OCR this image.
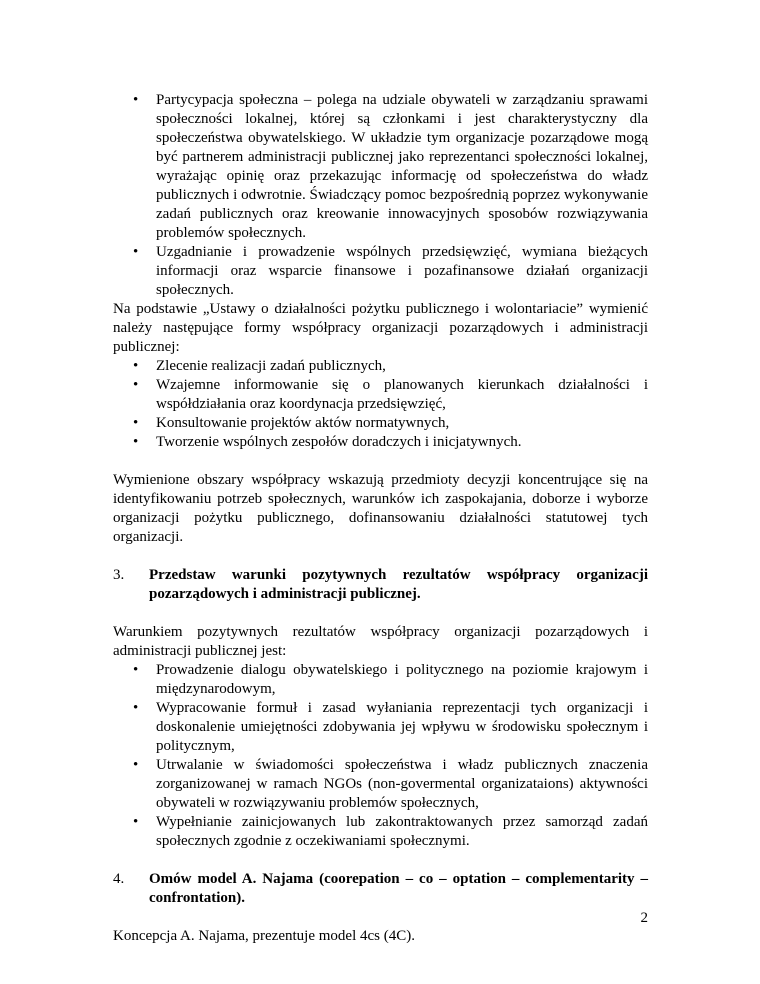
• Partycypacja społeczna – polega na udziale obywateli w zarządzaniu sprawami społeczności lokalnej, której są członkami i jest charakterystyczny dla społeczeństwa obywatelskiego. W układzie tym organizacje pozarządowe mogą być partnerem administracji publicznej jako reprezentanci społeczności lokalnej, wyrażając opinię oraz przekazując informację od społeczeństwa do władz publicznych i odwrotnie. Świadczący pomoc bezpośrednią poprzez wykonywanie zadań publicznych oraz kreowanie innowacyjnych sposobów rozwiązywania problemów społecznych.
• Uzgadnianie i prowadzenie wspólnych przedsięwzięć, wymiana bieżących informacji oraz wsparcie finansowe i pozafinansowe działań organizacji społecznych.

Na podstawie „Ustawy o działalności pożytku publicznego i wolontariacie” wymienić należy następujące formy współpracy organizacji pozarządowych i administracji publicznej:

• Zlecenie realizacji zadań publicznych,
• Wzajemne informowanie się o planowanych kierunkach działalności i współdziałania oraz koordynacja przedsięwzięć,
• Konsultowanie projektów aktów normatywnych,
• Tworzenie wspólnych zespołów doradczych i inicjatywnych.

Wymienione obszary współpracy wskazują przedmioty decyzji koncentrujące się na identyfikowaniu potrzeb społecznych, warunków ich zaspokajania, doborze i wyborze organizacji pożytku publicznego, dofinansowaniu działalności statutowej tych organizacji.

3. Przedstaw warunki pozytywnych rezultatów współpracy organizacji pozarządowych i administracji publicznej.

Warunkiem pozytywnych rezultatów współpracy organizacji pozarządowych i administracji publicznej jest:

• Prowadzenie dialogu obywatelskiego i politycznego na poziomie krajowym i międzynarodowym,
• Wypracowanie formuł i zasad wyłaniania reprezentacji tych organizacji i doskonalenie umiejętności zdobywania jej wpływu w środowisku społecznym i politycznym,
• Utrwalanie w świadomości społeczeństwa i władz publicznych znaczenia zorganizowanej w ramach NGOs (non-govermental organizataions) aktywności obywateli w rozwiązywaniu problemów społecznych,
• Wypełnianie zainicjowanych lub zakontraktowanych przez samorząd zadań społecznych zgodnie z oczekiwaniami społecznymi.
4. Omów model A. Najama (coorepation – co – optation – complementarity – confrontation).

Koncepcja A. Najama, prezentuje model 4cs (4C).

2
